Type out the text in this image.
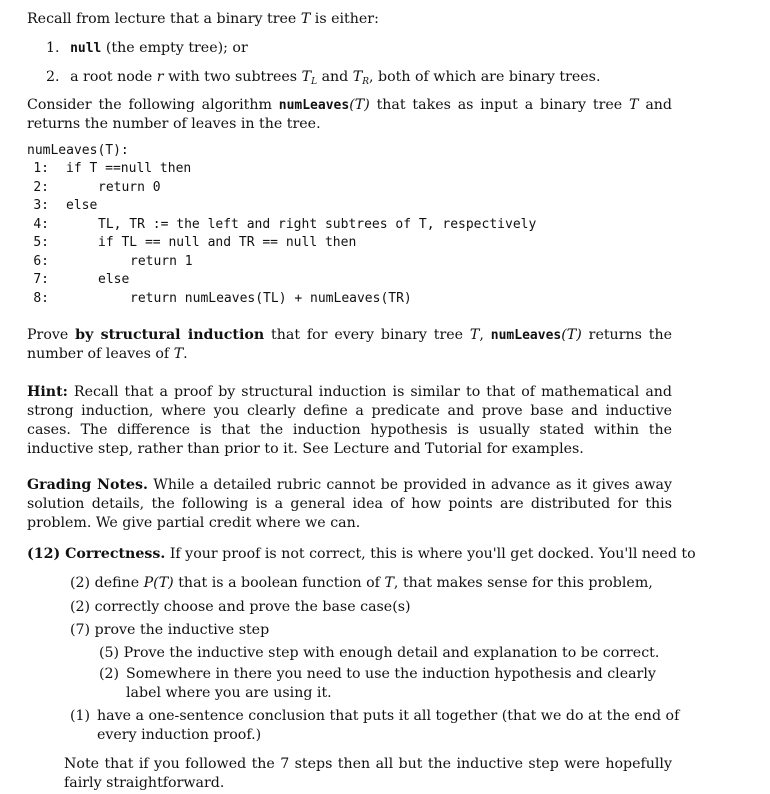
Recall from lecture that a binary tree T is either:
1. null (the empty tree); or
2. a root node r with two subtrees $T_L$ and $T_R$, both of which are binary trees.
Consider the following algorithm numLeaves(T) that takes as input a binary tree T and returns the number of leaves in the tree.
numLeaves(T):
1: if T ==null then
2:	return 0
3: else
4:	TL, TR := the left and right subtrees of T, respectively
5:	if TL == null and TR == null then
6:	return 1
7:	else
8:	return numLeaves(TL) + numLeaves(TR)
Prove by structural induction that for every binary tree T, numLeaves(T) returns the number of leaves of T.
Hint: Recall that a proof by structural induction is similar to that of mathematical and strong induction, where you clearly define a predicate and prove base and inductive cases. The difference is that the induction hypothesis is usually stated within the inductive step, rather than prior to it. See Lecture and Tutorial for examples.
Grading Notes. While a detailed rubric cannot be provided in advance as it gives away solution details, the following is a general idea of how points are distributed for this problem. We give partial credit where we can.
(12) Correctness. If your proof is not correct, this is where you'll get docked. You'll need to
(2) define P(T) that is a boolean function of T, that makes sense for this problem,
(2) correctly choose and prove the base case(s)
(7) prove the inductive step
(5) Prove the inductive step with enough detail and explanation to be correct.
(2) Somewhere in there you need to use the induction hypothesis and clearly label where you are using it.
(1) have a one-sentence conclusion that puts it all together (that we do at the end of every induction proof.)
Note that if you followed the 7 steps then all but the inductive step were hopefully fairly straightforward.
